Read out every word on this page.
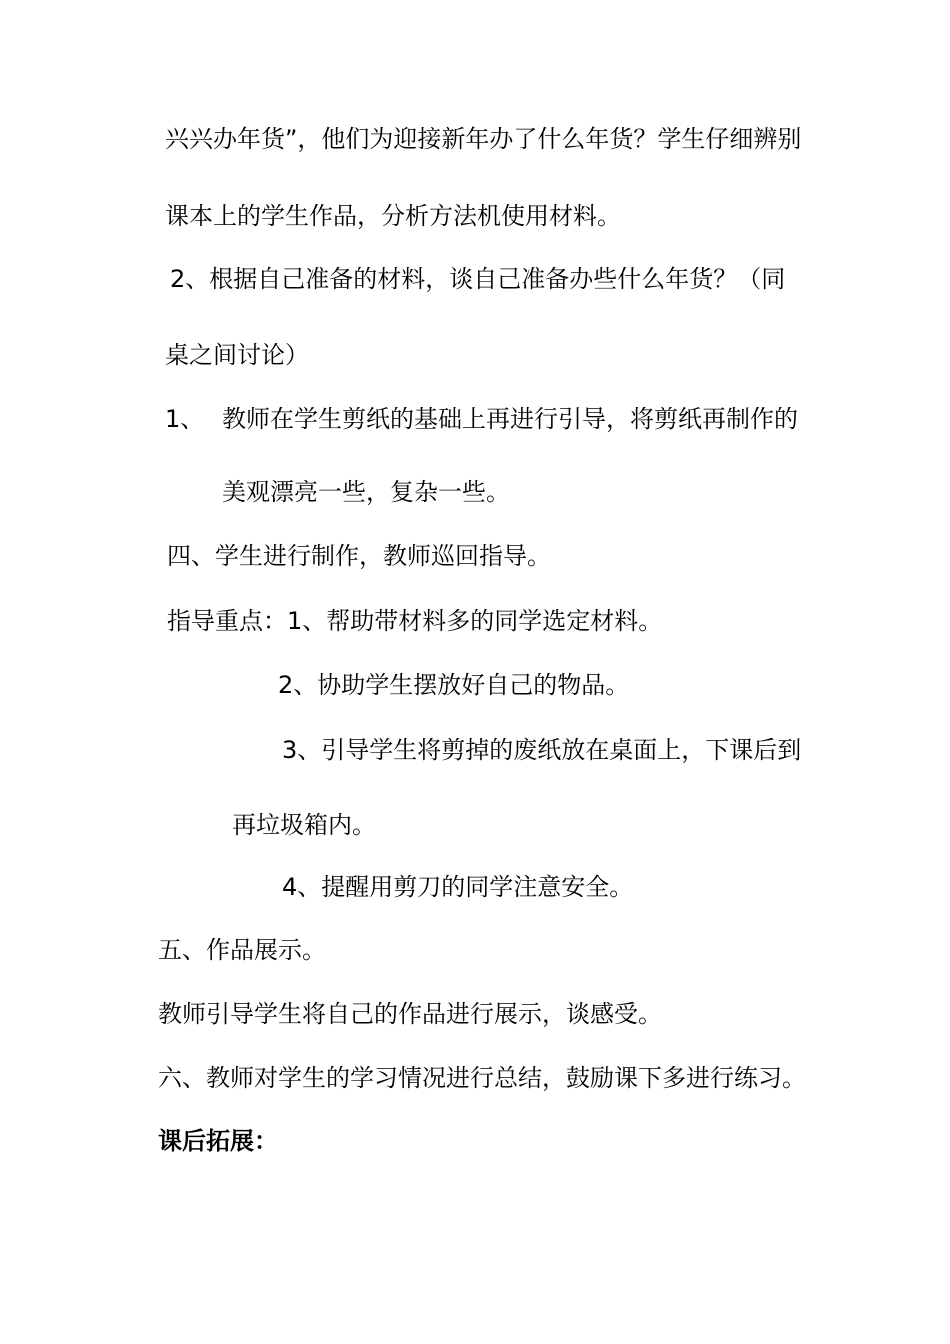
兴兴办年货”，他们为迎接新年办了什么年货？学生仔细辨别

课本上的学生作品，分析方法机使用材料。

2、根据自己准备的材料，谈自己准备办些什么年货？（同

桌之间讨论）

1、 教师在学生剪纸的基础上再进行引导，将剪纸再制作的

美观漂亮一些，复杂一些。

四、学生进行制作，教师巡回指导。

指导重点：1、帮助带材料多的同学选定材料。

2、协助学生摆放好自己的物品。

3、引导学生将剪掉的废纸放在桌面上，下课后到

再垃圾箱内。

4、提醒用剪刀的同学注意安全。

五、作品展示。

教师引导学生将自己的作品进行展示，谈感受。

六、教师对学生的学习情况进行总结，鼓励课下多进行练习。

课后拓展：
